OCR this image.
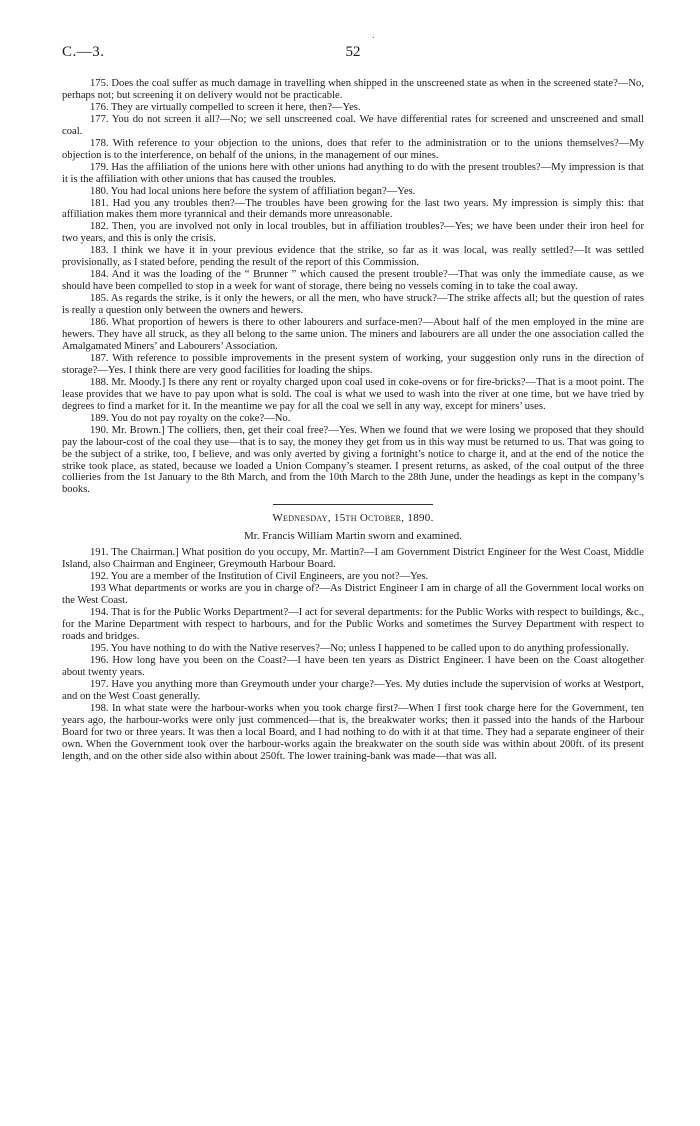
.
C.—3.	52

175. Does the coal suffer as much damage in travelling when shipped in the unscreened state as when in the screened state?—No, perhaps not; but screening it on delivery would not be practicable.

176. They are virtually compelled to screen it here, then?—Yes.

177. You do not screen it all?—No; we sell unscreened coal. We have differential rates for screened and unscreened and small coal.

178. With reference to your objection to the unions, does that refer to the administration or to the unions themselves?—My objection is to the interference, on behalf of the unions, in the management of our mines.

179. Has the affiliation of the unions here with other unions had anything to do with the present troubles?—My impression is that it is the affiliation with other unions that has caused the troubles.

180. You had local unions here before the system of affiliation began?—Yes.

181. Had you any troubles then?—The troubles have been growing for the last two years. My impression is simply this: that affiliation makes them more tyrannical and their demands more unreasonable.

182. Then, you are involved not only in local troubles, but in affiliation troubles?—Yes; we have been under their iron heel for two years, and this is only the crisis.

183. I think we have it in your previous evidence that the strike, so far as it was local, was really settled?—It was settled provisionally, as I stated before, pending the result of the report of this Commission.

184. And it was the loading of the “ Brunner ” which caused the present trouble?—That was only the immediate cause, as we should have been compelled to stop in a week for want of storage, there being no vessels coming in to take the coal away.

185. As regards the strike, is it only the hewers, or all the men, who have struck?—The strike affects all; but the question of rates is really a question only between the owners and hewers.

186. What proportion of hewers is there to other labourers and surface-men?—About half of the men employed in the mine are hewers. They have all struck, as they all belong to the same union. The miners and labourers are all under the one association called the Amalgamated Miners’ and Labourers’ Association.

187. With reference to possible improvements in the present system of working, your suggestion only runs in the direction of storage?—Yes. I think there are very good facilities for loading the ships.

188. Mr. Moody.] Is there any rent or royalty charged upon coal used in coke-ovens or for fire-bricks?—That is a moot point. The lease provides that we have to pay upon what is sold. The coal is what we used to wash into the river at one time, but we have tried by degrees to find a market for it. In the meantime we pay for all the coal we sell in any way, except for miners’ uses.

189. You do not pay royalty on the coke?—No.

190. Mr. Brown.] The colliers, then, get their coal free?—Yes. When we found that we were losing we proposed that they should pay the labour-cost of the coal they use—that is to say, the money they get from us in this way must be returned to us. That was going to be the subject of a strike, too, I believe, and was only averted by giving a fortnight’s notice to charge it, and at the end of the notice the strike took place, as stated, because we loaded a Union Company’s steamer. I present returns, as asked, of the coal output of the three collieries from the 1st January to the 8th March, and from the 10th March to the 28th June, under the headings as kept in the company’s books.

Wednesday, 15th October, 1890.
Mr. Francis William Martin sworn and examined.

191. The Chairman.] What position do you occupy, Mr. Martin?—I am Government District Engineer for the West Coast, Middle Island, also Chairman and Engineer, Greymouth Harbour Board.

192. You are a member of the Institution of Civil Engineers, are you not?—Yes.

193 What departments or works are you in charge of?—As District Engineer I am in charge of all the Government local works on the West Coast.

194. That is for the Public Works Department?—I act for several departments: for the Public Works with respect to buildings, &c., for the Marine Department with respect to harbours, and for the Public Works and sometimes the Survey Department with respect to roads and bridges.

195. You have nothing to do with the Native reserves?—No; unless I happened to be called upon to do anything professionally.

196. How long have you been on the Coast?—I have been ten years as District Engineer. I have been on the Coast altogether about twenty years.

197. Have you anything more than Greymouth under your charge?—Yes. My duties include the supervision of works at Westport, and on the West Coast generally.

198. In what state were the harbour-works when you took charge first?—When I first took charge here for the Government, ten years ago, the harbour-works were only just commenced—that is, the breakwater works; then it passed into the hands of the Harbour Board for two or three years. It was then a local Board, and I had nothing to do with it at that time. They had a separate engineer of their own. When the Government took over the harbour-works again the breakwater on the south side was within about 200ft. of its present length, and on the other side also within about 250ft. The lower training-bank was made—that was all.
